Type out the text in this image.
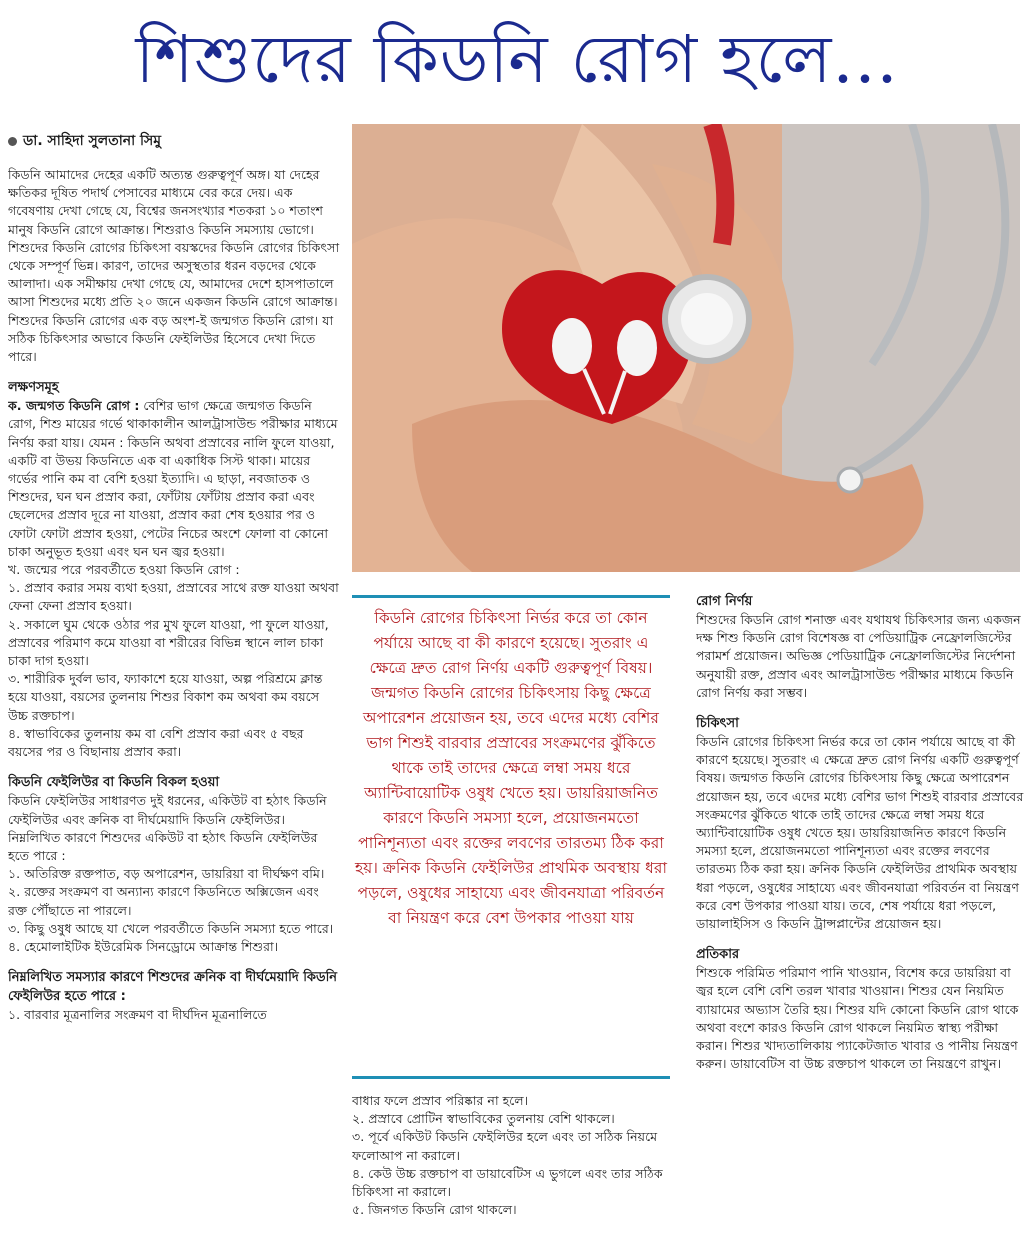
শিশুদের কিডনি রোগ হলে...
ডা. সাহিদা সুলতানা সিমু

কিডনি আমাদের দেহের একটি অত্যন্ত গুরুত্বপূর্ণ অঙ্গ। যা দেহের ক্ষতিকর দূষিত পদার্থ পেসাবের মাধ্যমে বের করে দেয়। এক গবেষণায় দেখা গেছে যে, বিশ্বের জনসংখ্যার শতকরা ১০ শতাংশ মানুষ কিডনি রোগে আক্রান্ত। শিশুরাও কিডনি সমস্যায় ভোগে। শিশুদের কিডনি রোগের চিকিৎসা বয়স্কদের কিডনি রোগের চিকিৎসা থেকে সম্পূর্ণ ভিন্ন। কারণ, তাদের অসুস্থতার ধরন বড়দের থেকে আলাদা। এক সমীক্ষায় দেখা গেছে যে, আমাদের দেশে হাসপাতালে আসা শিশুদের মধ্যে প্রতি ২০ জনে একজন কিডনি রোগে আক্রান্ত। শিশুদের কিডনি রোগের এক বড় অংশ-ই জন্মগত কিডনি রোগ। যা সঠিক চিকিৎসার অভাবে কিডনি ফেইলিউর হিসেবে দেখা দিতে পারে।

লক্ষণসমূহ

ক. জন্মগত কিডনি রোগ : বেশির ভাগ ক্ষেত্রে জন্মগত কিডনি রোগ, শিশু মায়ের গর্ভে থাকাকালীন আলট্রাসাউন্ড পরীক্ষার মাধ্যমে নির্ণয় করা যায়। যেমন : কিডনি অথবা প্রস্রাবের নালি ফুলে যাওয়া, একটি বা উভয় কিডনিতে এক বা একাধিক সিস্ট থাকা। মায়ের গর্ভের পানি কম বা বেশি হওয়া ইত্যাদি। এ ছাড়া, নবজাতক ও শিশুদের, ঘন ঘন প্রস্রাব করা, ফোঁটায় ফোঁটায় প্রস্রাব করা এবং ছেলেদের প্রস্রাব দূরে না যাওয়া, প্রস্রাব করা শেষ হওয়ার পর ও ফোটা ফোটা প্রস্রাব হওয়া, পেটের নিচের অংশে ফোলা বা কোনো চাকা অনুভূত হওয়া এবং ঘন ঘন জ্বর হওয়া।

খ. জন্মের পরে পরবর্তীতে হওয়া কিডনি রোগ :

১. প্রস্রাব করার সময় ব্যথা হওয়া, প্রস্রাবের সাথে রক্ত যাওয়া অথবা ফেনা ফেনা প্রস্রাব হওয়া।

২. সকালে ঘুম থেকে ওঠার পর মুখ ফুলে যাওয়া, পা ফুলে যাওয়া, প্রস্রাবের পরিমাণ কমে যাওয়া বা শরীরের বিভিন্ন স্থানে লাল চাকা চাকা দাগ হওয়া।

৩. শারীরিক দুর্বল ভাব, ফ্যাকাশে হয়ে যাওয়া, অল্প পরিশ্রমে ক্লান্ত হয়ে যাওয়া, বয়সের তুলনায় শিশুর বিকাশ কম অথবা কম বয়সে উচ্চ রক্তচাপ।

৪. স্বাভাবিকের তুলনায় কম বা বেশি প্রস্রাব করা এবং ৫ বছর বয়সের পর ও বিছানায় প্রস্রাব করা।

কিডনি ফেইলিউর বা কিডনি বিকল হওয়া

কিডনি ফেইলিউর সাধারণত দুই ধরনের, একিউট বা হঠাৎ কিডনি ফেইলিউর এবং ক্রনিক বা দীর্ঘমেয়াদি কিডনি ফেইলিউর। নিম্নলিখিত কারণে শিশুদের একিউট বা হঠাৎ কিডনি ফেইলিউর হতে পারে :

১. অতিরিক্ত রক্তপাত, বড় অপারেশন, ডায়রিয়া বা দীর্ঘক্ষণ বমি।

২. রক্তের সংক্রমণ বা অন্যান্য কারণে কিডনিতে অক্সিজেন এবং রক্ত পৌঁছাতে না পারলে।

৩. কিছু ওষুধ আছে যা খেলে পরবর্তীতে কিডনি সমস্যা হতে পারে।

৪. হেমোলাইটিক ইউরেমিক সিনড্রোমে আক্রান্ত শিশুরা।

নিম্নলিখিত সমস্যার কারণে শিশুদের ক্রনিক বা দীর্ঘমেয়াদি কিডনি ফেইলিউর হতে পারে :

১. বারবার মূত্রনালির সংক্রমণ বা দীর্ঘদিন মূত্রনালিতে

কিডনি রোগের চিকিৎসা নির্ভর করে তা কোন পর্যায়ে আছে বা কী কারণে হয়েছে। সুতরাং এ ক্ষেত্রে দ্রুত রোগ নির্ণয় একটি গুরুত্বপূর্ণ বিষয়। জন্মগত কিডনি রোগের চিকিৎসায় কিছু ক্ষেত্রে অপারেশন প্রয়োজন হয়, তবে এদের মধ্যে বেশির ভাগ শিশুই বারবার প্রস্রাবের সংক্রমণের ঝুঁকিতে থাকে তাই তাদের ক্ষেত্রে লম্বা সময় ধরে অ্যান্টিবায়োটিক ওষুধ খেতে হয়। ডায়রিয়াজনিত কারণে কিডনি সমস্যা হলে, প্রয়োজনমতো পানিশূন্যতা এবং রক্তের লবণের তারতম্য ঠিক করা হয়। ক্রনিক কিডনি ফেইলিউর প্রাথমিক অবস্থায় ধরা পড়লে, ওষুধের সাহায্যে এবং জীবনযাত্রা পরিবর্তন বা নিয়ন্ত্রণ করে বেশ উপকার পাওয়া যায়

বাধার ফলে প্রস্রাব পরিষ্কার না হলে।

২. প্রস্রাবে প্রোটিন স্বাভাবিকের তুলনায় বেশি থাকলে।

৩. পূর্বে একিউট কিডনি ফেইলিউর হলে এবং তা সঠিক নিয়মে ফলোআপ না করালে।

৪. কেউ উচ্চ রক্তচাপ বা ডায়াবেটিস এ ভুগলে এবং তার সঠিক চিকিৎসা না করালে।

৫. জিনগত কিডনি রোগ থাকলে।

রোগ নির্ণয়

শিশুদের কিডনি রোগ শনাক্ত এবং যথাযথ চিকিৎসার জন্য একজন দক্ষ শিশু কিডনি রোগ বিশেষজ্ঞ বা পেডিয়াট্রিক নেফ্রোলজিস্টের পরামর্শ প্রয়োজন। অভিজ্ঞ পেডিয়াট্রিক নেফ্রোলজিস্টের নির্দেশনা অনুযায়ী রক্ত, প্রস্রাব এবং আলট্রাসাউন্ড পরীক্ষার মাধ্যমে কিডনি রোগ নির্ণয় করা সম্ভব।

চিকিৎসা

কিডনি রোগের চিকিৎসা নির্ভর করে তা কোন পর্যায়ে আছে বা কী কারণে হয়েছে। সুতরাং এ ক্ষেত্রে দ্রুত রোগ নির্ণয় একটি গুরুত্বপূর্ণ বিষয়। জন্মগত কিডনি রোগের চিকিৎসায় কিছু ক্ষেত্রে অপারেশন প্রয়োজন হয়, তবে এদের মধ্যে বেশির ভাগ শিশুই বারবার প্রস্রাবের সংক্রমণের ঝুঁকিতে থাকে তাই তাদের ক্ষেত্রে লম্বা সময় ধরে অ্যান্টিবায়োটিক ওষুধ খেতে হয়। ডায়রিয়াজনিত কারণে কিডনি সমস্যা হলে, প্রয়োজনমতো পানিশূন্যতা এবং রক্তের লবণের তারতম্য ঠিক করা হয়। ক্রনিক কিডনি ফেইলিউর প্রাথমিক অবস্থায় ধরা পড়লে, ওষুধের সাহায্যে এবং জীবনযাত্রা পরিবর্তন বা নিয়ন্ত্রণ করে বেশ উপকার পাওয়া যায়। তবে, শেষ পর্যায়ে ধরা পড়লে, ডায়ালাইসিস ও কিডনি ট্রান্সপ্লান্টের প্রয়োজন হয়।

প্রতিকার

শিশুকে পরিমিত পরিমাণ পানি খাওয়ান, বিশেষ করে ডায়রিয়া বা জ্বর হলে বেশি বেশি তরল খাবার খাওয়ান। শিশুর যেন নিয়মিত ব্যায়ামের অভ্যাস তৈরি হয়। শিশুর যদি কোনো কিডনি রোগ থাকে অথবা বংশে কারও কিডনি রোগ থাকলে নিয়মিত স্বাস্থ্য পরীক্ষা করান। শিশুর খাদ্যতালিকায় প্যাকেটজাত খাবার ও পানীয় নিয়ন্ত্রণ করুন। ডায়াবেটিস বা উচ্চ রক্তচাপ থাকলে তা নিয়ন্ত্রণে রাখুন।
